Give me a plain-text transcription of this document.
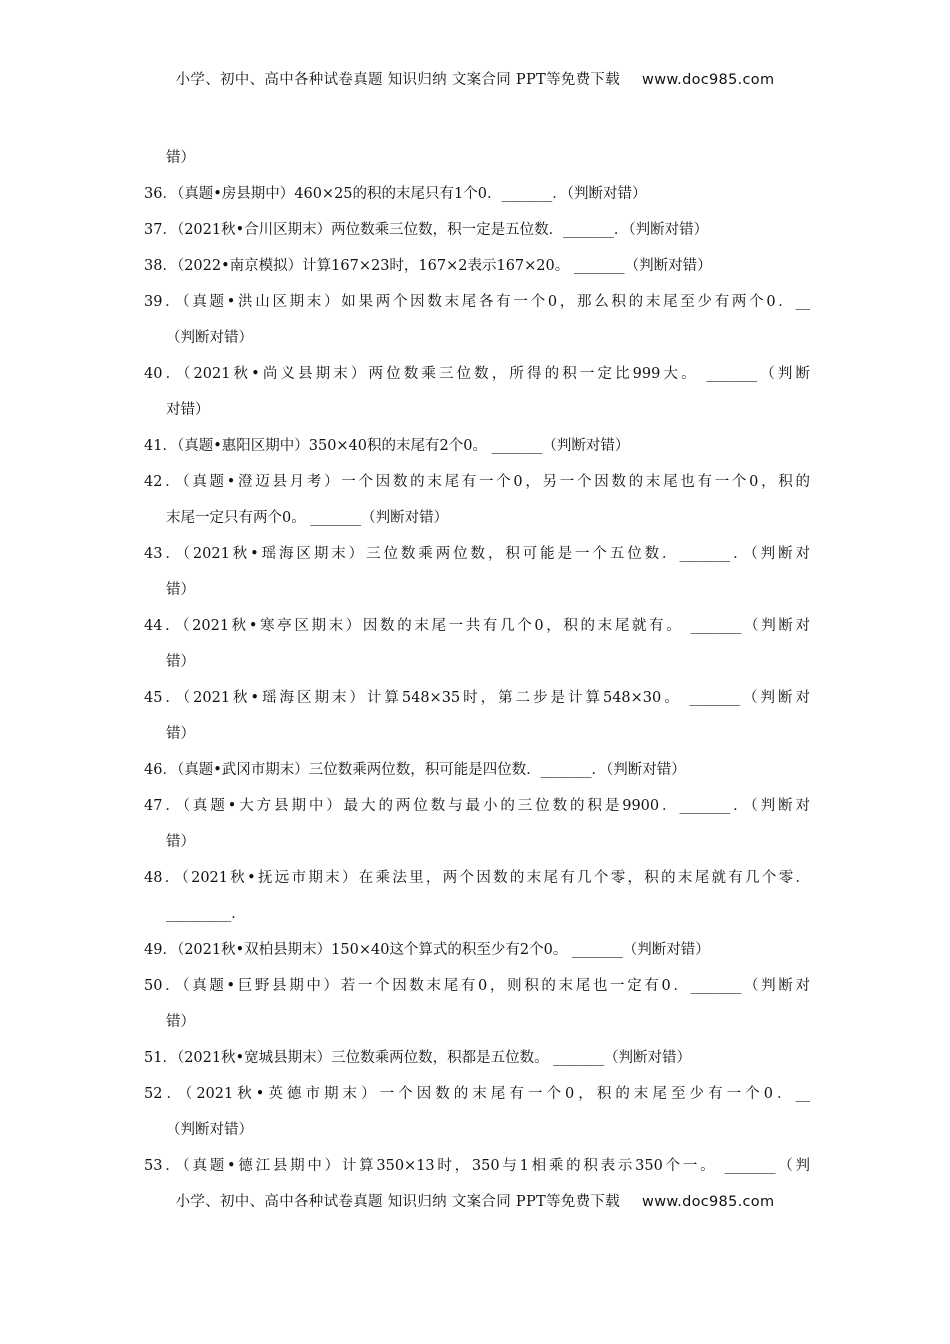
小学、初中、高中各种试卷真题 知识归纳 文案合同 PPT等免费下载 www.doc985.com
错）
36．（真题•房县期中）460×25的积的末尾只有1个0．_______．（判断对错）
37．（2021秋•合川区期末）两位数乘三位数，积一定是五位数．_______．（判断对错）
38．（2022•南京模拟）计算167×23时，167×2表示167×20。 _______（判断对错）
39．（真题•洪山区期末）如果两个因数末尾各有一个0，那么积的末尾至少有两个0．__
（判断对错）
40．（2021秋•尚义县期末）两位数乘三位数，所得的积一定比999大。 _______（判断
对错）
41．（真题•惠阳区期中）350×40积的末尾有2个0。 _______（判断对错）
42．（真题•澄迈县月考）一个因数的末尾有一个0，另一个因数的末尾也有一个0，积的
末尾一定只有两个0。 _______（判断对错）
43．（2021秋•瑶海区期末）三位数乘两位数，积可能是一个五位数．_______．（判断对
错）
44．（2021秋•寒亭区期末）因数的末尾一共有几个0，积的末尾就有。 _______（判断对
错）
45．（2021秋•瑶海区期末）计算548×35时，第二步是计算548×30。 _______（判断对
错）
46．（真题•武冈市期末）三位数乘两位数，积可能是四位数．_______．（判断对错）
47．（真题•大方县期中）最大的两位数与最小的三位数的积是9900．_______．（判断对
错）
48．（2021秋•抚远市期末）在乘法里，两个因数的末尾有几个零，积的末尾就有几个零．
_________．
49．（2021秋•双柏县期末）150×40这个算式的积至少有2个0。 _______（判断对错）
50．（真题•巨野县期中）若一个因数末尾有0，则积的末尾也一定有0．_______（判断对
错）
51．（2021秋•宽城县期末）三位数乘两位数，积都是五位数。 _______（判断对错）
52．（2021秋•英德市期末）一个因数的末尾有一个0，积的末尾至少有一个0．__
（判断对错）
53．（真题•德江县期中）计算350×13时，350与1相乘的积表示350个一。 _______（判
小学、初中、高中各种试卷真题 知识归纳 文案合同 PPT等免费下载 www.doc985.com
